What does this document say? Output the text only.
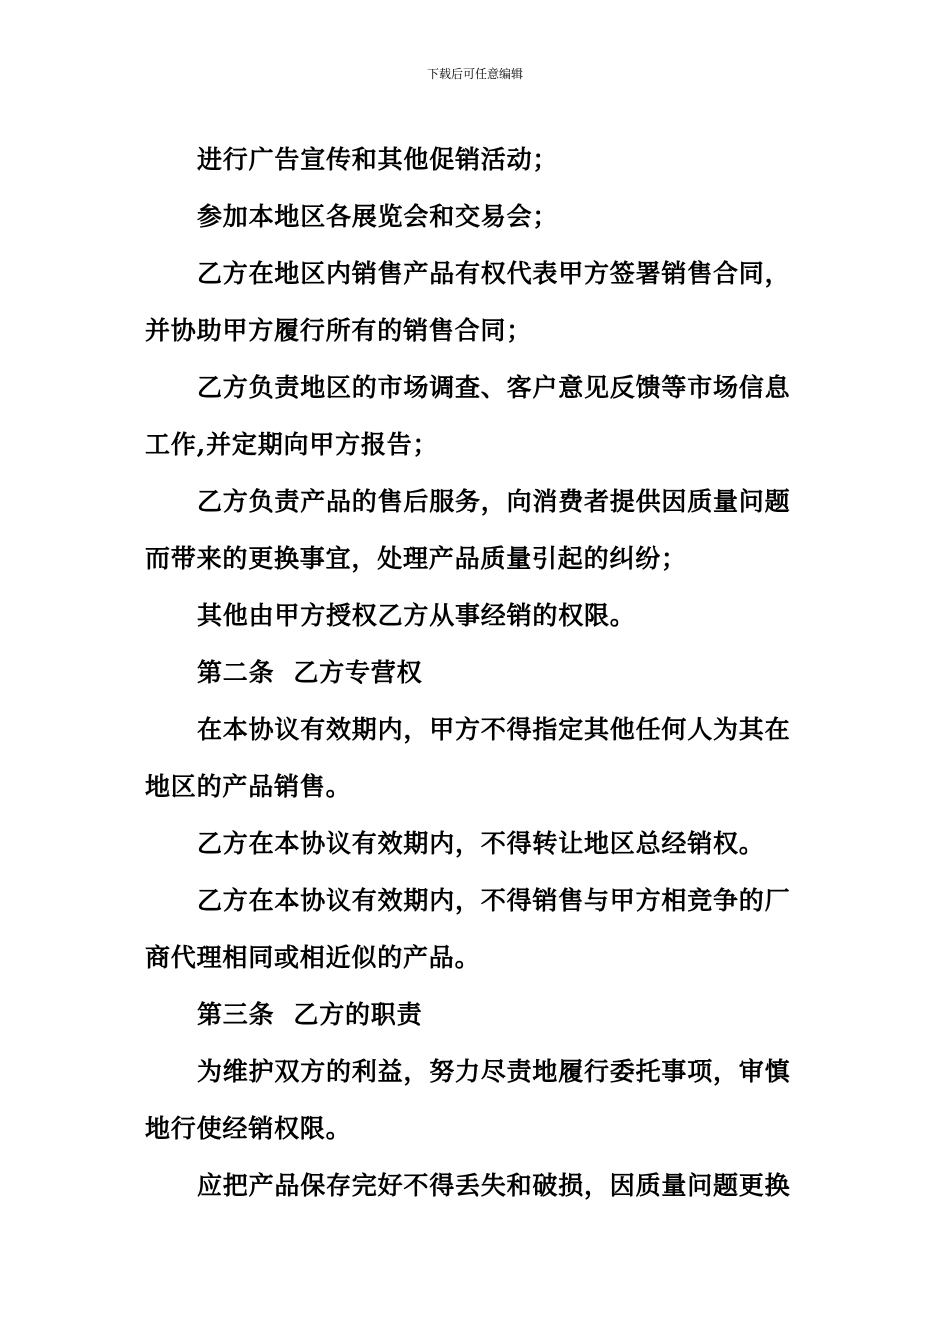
下载后可任意编辑
进行广告宣传和其他促销活动；
参加本地区各展览会和交易会；
乙方在地区内销售产品有权代表甲方签署销售合同，
并协助甲方履行所有的销售合同；
乙方负责地区的市场调查、客户意见反馈等市场信息
工作,并定期向甲方报告；
乙方负责产品的售后服务，向消费者提供因质量问题
而带来的更换事宜，处理产品质量引起的纠纷；
其他由甲方授权乙方从事经销的权限。
第二条  乙方专营权
在本协议有效期内，甲方不得指定其他任何人为其在
地区的产品销售。
乙方在本协议有效期内，不得转让地区总经销权。
乙方在本协议有效期内，不得销售与甲方相竞争的厂
商代理相同或相近似的产品。
第三条  乙方的职责
为维护双方的利益，努力尽责地履行委托事项，审慎
地行使经销权限。
应把产品保存完好不得丢失和破损，因质量问题更换
